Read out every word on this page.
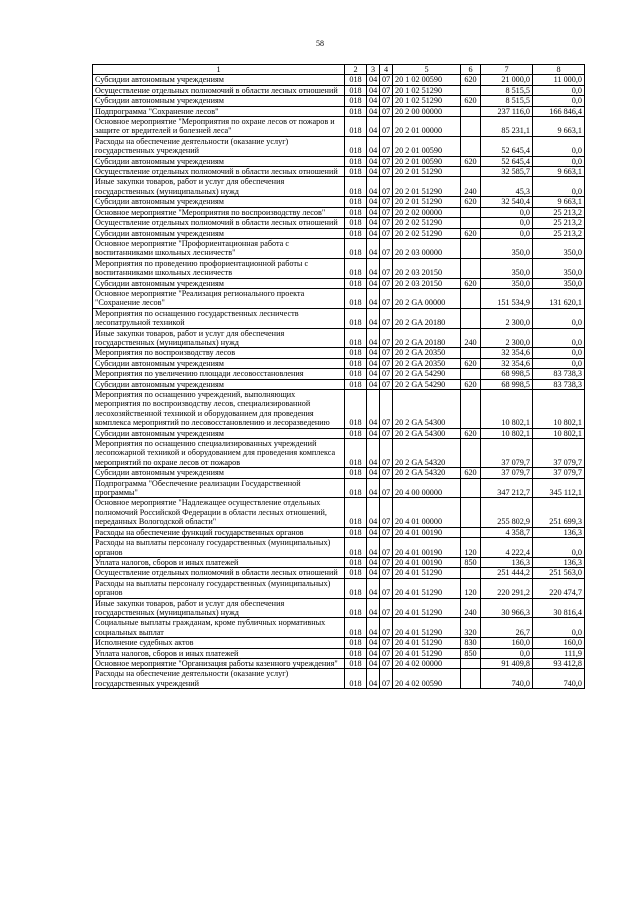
58
1	2	3	4	5	6	7	8
Субсидии автономным учреждениям	018	04	07	20 1 02 00590	620	21 000,0	11 000,0
Осуществление отдельных полномочий в области лесных отношений	018	04	07	20 1 02 51290		8 515,5	0,0
Субсидии автономным учреждениям	018	04	07	20 1 02 51290	620	8 515,5	0,0
Подпрограмма "Сохранение лесов"	018	04	07	20 2 00 00000		237 116,0	166 846,4
Основное мероприятие "Мероприятия по охране лесов от пожаров и защите от вредителей и болезней леса"	018	04	07	20 2 01 00000		85 231,1	9 663,1
Расходы на обеспечение деятельности (оказание услуг) государственных учреждений	018	04	07	20 2 01 00590		52 645,4	0,0
Субсидии автономным учреждениям	018	04	07	20 2 01 00590	620	52 645,4	0,0
Осуществление отдельных полномочий в области лесных отношений	018	04	07	20 2 01 51290		32 585,7	9 663,1
Иные закупки товаров, работ и услуг для обеспечения государственных (муниципальных) нужд	018	04	07	20 2 01 51290	240	45,3	0,0
Субсидии автономным учреждениям	018	04	07	20 2 01 51290	620	32 540,4	9 663,1
Основное мероприятие "Мероприятия по воспроизводству лесов"	018	04	07	20 2 02 00000		0,0	25 213,2
Осуществление отдельных полномочий в области лесных отношений	018	04	07	20 2 02 51290		0,0	25 213,2
Субсидии автономным учреждениям	018	04	07	20 2 02 51290	620	0,0	25 213,2
Основное мероприятие "Профориентационная работа с воспитанниками школьных лесничеств"	018	04	07	20 2 03 00000		350,0	350,0
Мероприятия по проведению профориентационной работы с воспитанниками школьных лесничеств	018	04	07	20 2 03 20150		350,0	350,0
Субсидии автономным учреждениям	018	04	07	20 2 03 20150	620	350,0	350,0
Основное мероприятие "Реализация регионального проекта "Сохранение лесов"	018	04	07	20 2 GA 00000		151 534,9	131 620,1
Мероприятия по оснащению государственных лесничеств лесопатрульной техникой	018	04	07	20 2 GA 20180		2 300,0	0,0
Иные закупки товаров, работ и услуг для обеспечения государственных (муниципальных) нужд	018	04	07	20 2 GA 20180	240	2 300,0	0,0
Мероприятия по воспроизводству лесов	018	04	07	20 2 GA 20350		32 354,6	0,0
Субсидии автономным учреждениям	018	04	07	20 2 GA 20350	620	32 354,6	0,0
Мероприятия по увеличению площади лесовосстановления	018	04	07	20 2 GA 54290		68 998,5	83 738,3
Субсидии автономным учреждениям	018	04	07	20 2 GA 54290	620	68 998,5	83 738,3
Мероприятия по оснащению учреждений, выполняющих мероприятия по воспроизводству лесов, специализированной лесохозяйственной техникой и оборудованием для проведения комплекса мероприятий по лесовосстановлению и лесоразведению	018	04	07	20 2 GA 54300		10 802,1	10 802,1
Субсидии автономным учреждениям	018	04	07	20 2 GA 54300	620	10 802,1	10 802,1
Мероприятия по оснащению специализированных учреждений лесопожарной техникой и оборудованием для проведения комплекса мероприятий по охране лесов от пожаров	018	04	07	20 2 GA 54320		37 079,7	37 079,7
Субсидии автономным учреждениям	018	04	07	20 2 GA 54320	620	37 079,7	37 079,7
Подпрограмма "Обеспечение реализации Государственной программы"	018	04	07	20 4 00 00000		347 212,7	345 112,1
Основное мероприятие "Надлежащее осуществление отдельных полномочий Российской Федерации в области лесных отношений, переданных Вологодской области"	018	04	07	20 4 01 00000		255 802,9	251 699,3
Расходы на обеспечение функций государственных органов	018	04	07	20 4 01 00190		4 358,7	136,3
Расходы на выплаты персоналу государственных (муниципальных) органов	018	04	07	20 4 01 00190	120	4 222,4	0,0
Уплата налогов, сборов и иных платежей	018	04	07	20 4 01 00190	850	136,3	136,3
Осуществление отдельных полномочий в области лесных отношений	018	04	07	20 4 01 51290		251 444,2	251 563,0
Расходы на выплаты персоналу государственных (муниципальных) органов	018	04	07	20 4 01 51290	120	220 291,2	220 474,7
Иные закупки товаров, работ и услуг для обеспечения государственных (муниципальных) нужд	018	04	07	20 4 01 51290	240	30 966,3	30 816,4
Социальные выплаты гражданам, кроме публичных нормативных социальных выплат	018	04	07	20 4 01 51290	320	26,7	0,0
Исполнение судебных актов	018	04	07	20 4 01 51290	830	160,0	160,0
Уплата налогов, сборов и иных платежей	018	04	07	20 4 01 51290	850	0,0	111,9
Основное мероприятие "Организация работы казенного учреждения"	018	04	07	20 4 02 00000		91 409,8	93 412,8
Расходы на обеспечение деятельности (оказание услуг) государственных учреждений	018	04	07	20 4 02 00590		740,0	740,0
